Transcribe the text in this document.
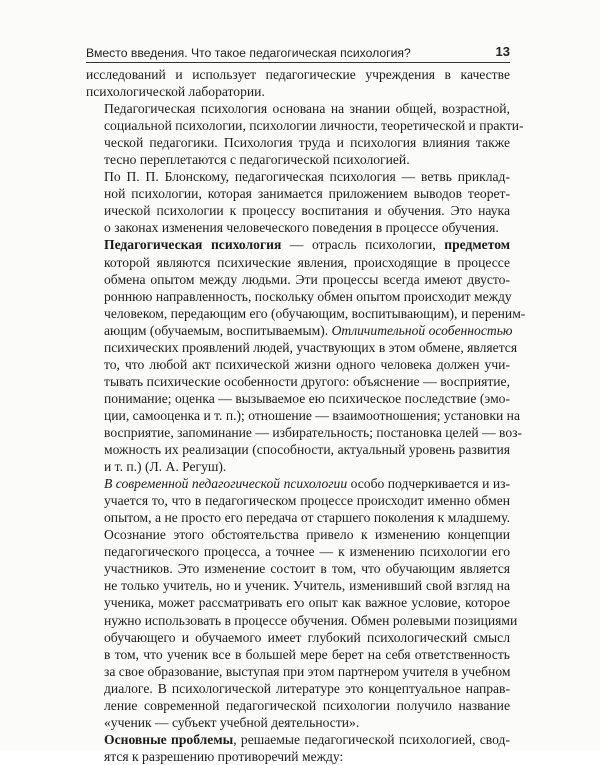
Вместо введения. Что такое педагогическая психология?	13

исследований и использует педагогические учреждения в качестве
психологической лаборатории.

Педагогическая психология основана на знании общей, возрастной,
социальной психологии, психологии личности, теоретической и практи-
ческой педагогики. Психология труда и психология влияния также
тесно переплетаются с педагогической психологией.

По П. П. Блонскому, педагогическая психология — ветвь приклад-
ной психологии, которая занимается приложением выводов теорет-
ической психологии к процессу воспитания и обучения. Это наука
о законах изменения человеческого поведения в процессе обучения.

Педагогическая психология — отрасль психологии, предметом
которой являются психические явления, происходящие в процессе
обмена опытом между людьми. Эти процессы всегда имеют двусто-
роннюю направленность, поскольку обмен опытом происходит между
человеком, передающим его (обучающим, воспитывающим), и переним-
ающим (обучаемым, воспитываемым). Отличительной особенностью
психических проявлений людей, участвующих в этом обмене, является
то, что любой акт психической жизни одного человека должен учи-
тывать психические особенности другого: объяснение — восприятие,
понимание; оценка — вызываемое ею психическое последствие (эмо-
ции, самооценка и т. п.); отношение — взаимоотношения; установки на
восприятие, запоминание — избирательность; постановка целей — воз-
можность их реализации (способности, актуальный уровень развития
и т. п.) (Л. А. Регуш).

В современной педагогической психологии особо подчеркивается и из-
учается то, что в педагогическом процессе происходит именно обмен
опытом, а не просто его передача от старшего поколения к младшему.
Осознание этого обстоятельства привело к изменению концепции
педагогического процесса, а точнее — к изменению психологии его
участников. Это изменение состоит в том, что обучающим является
не только учитель, но и ученик. Учитель, изменивший свой взгляд на
ученика, может рассматривать его опыт как важное условие, которое
нужно использовать в процессе обучения. Обмен ролевыми позициями
обучающего и обучаемого имеет глубокий психологический смысл
в том, что ученик все в большей мере берет на себя ответственность
за свое образование, выступая при этом партнером учителя в учебном
диалоге. В психологической литературе это концептуальное направ-
ление современной педагогической психологии получило название
«ученик — субъект учебной деятельности».

Основные проблемы, решаемые педагогической психологией, свод-
ятся к разрешению противоречий между:
